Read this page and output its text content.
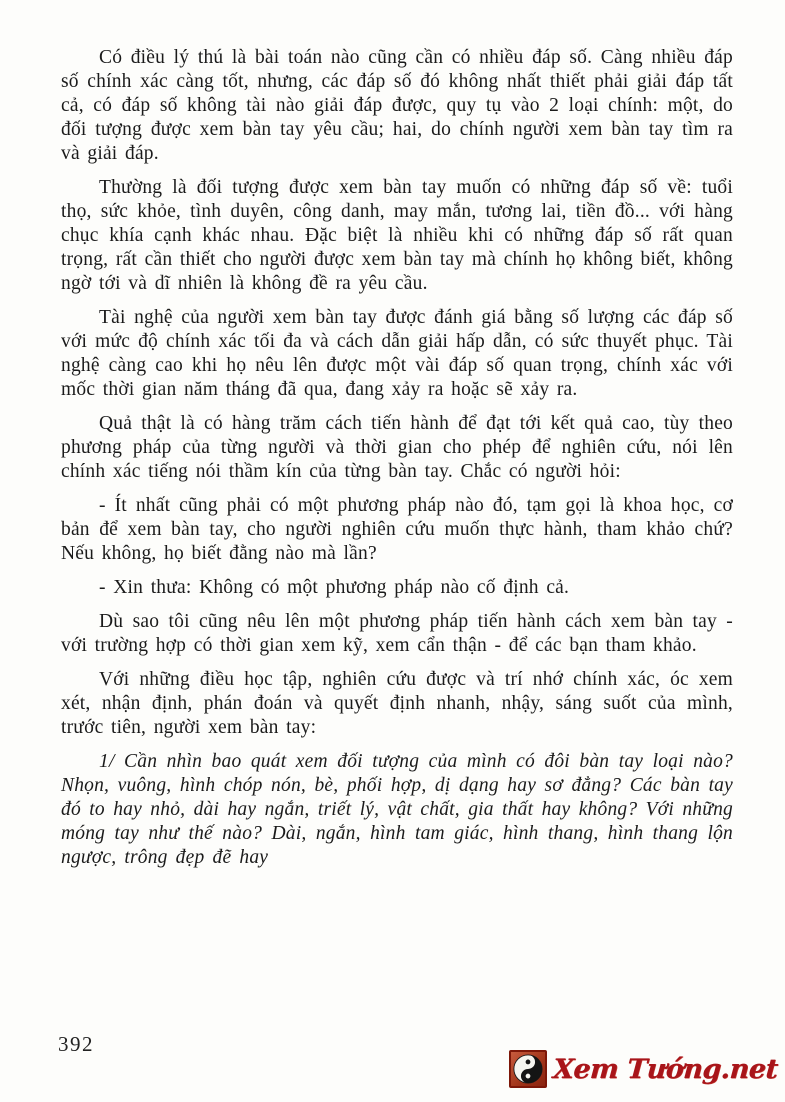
Có điều lý thú là bài toán nào cũng cần có nhiều đáp số. Càng nhiều đáp số chính xác càng tốt, nhưng, các đáp số đó không nhất thiết phải giải đáp tất cả, có đáp số không tài nào giải đáp được, quy tụ vào 2 loại chính: một, do đối tượng được xem bàn tay yêu cầu; hai, do chính người xem bàn tay tìm ra và giải đáp.

Thường là đối tượng được xem bàn tay muốn có những đáp số về: tuổi thọ, sức khỏe, tình duyên, công danh, may mắn, tương lai, tiền đồ... với hàng chục khía cạnh khác nhau. Đặc biệt là nhiều khi có những đáp số rất quan trọng, rất cần thiết cho người được xem bàn tay mà chính họ không biết, không ngờ tới và dĩ nhiên là không đề ra yêu cầu.

Tài nghệ của người xem bàn tay được đánh giá bằng số lượng các đáp số với mức độ chính xác tối đa và cách dẫn giải hấp dẫn, có sức thuyết phục. Tài nghệ càng cao khi họ nêu lên được một vài đáp số quan trọng, chính xác với mốc thời gian năm tháng đã qua, đang xảy ra hoặc sẽ xảy ra.

Quả thật là có hàng trăm cách tiến hành để đạt tới kết quả cao, tùy theo phương pháp của từng người và thời gian cho phép để nghiên cứu, nói lên chính xác tiếng nói thầm kín của từng bàn tay. Chắc có người hỏi:

- Ít nhất cũng phải có một phương pháp nào đó, tạm gọi là khoa học, cơ bản để xem bàn tay, cho người nghiên cứu muốn thực hành, tham khảo chứ? Nếu không, họ biết đằng nào mà lần?

- Xin thưa: Không có một phương pháp nào cố định cả.

Dù sao tôi cũng nêu lên một phương pháp tiến hành cách xem bàn tay - với trường hợp có thời gian xem kỹ, xem cẩn thận - để các bạn tham khảo.

Với những điều học tập, nghiên cứu được và trí nhớ chính xác, óc xem xét, nhận định, phán đoán và quyết định nhanh, nhậy, sáng suốt của mình, trước tiên, người xem bàn tay:

1/ Cần nhìn bao quát xem đối tượng của mình có đôi bàn tay loại nào? Nhọn, vuông, hình chóp nón, bè, phối hợp, dị dạng hay sơ đẳng? Các bàn tay đó to hay nhỏ, dài hay ngắn, triết lý, vật chất, gia thất hay không? Với những móng tay như thế nào? Dài, ngắn, hình tam giác, hình thang, hình thang lộn ngược, trông đẹp đẽ hay

392
Xem Tướng.net
